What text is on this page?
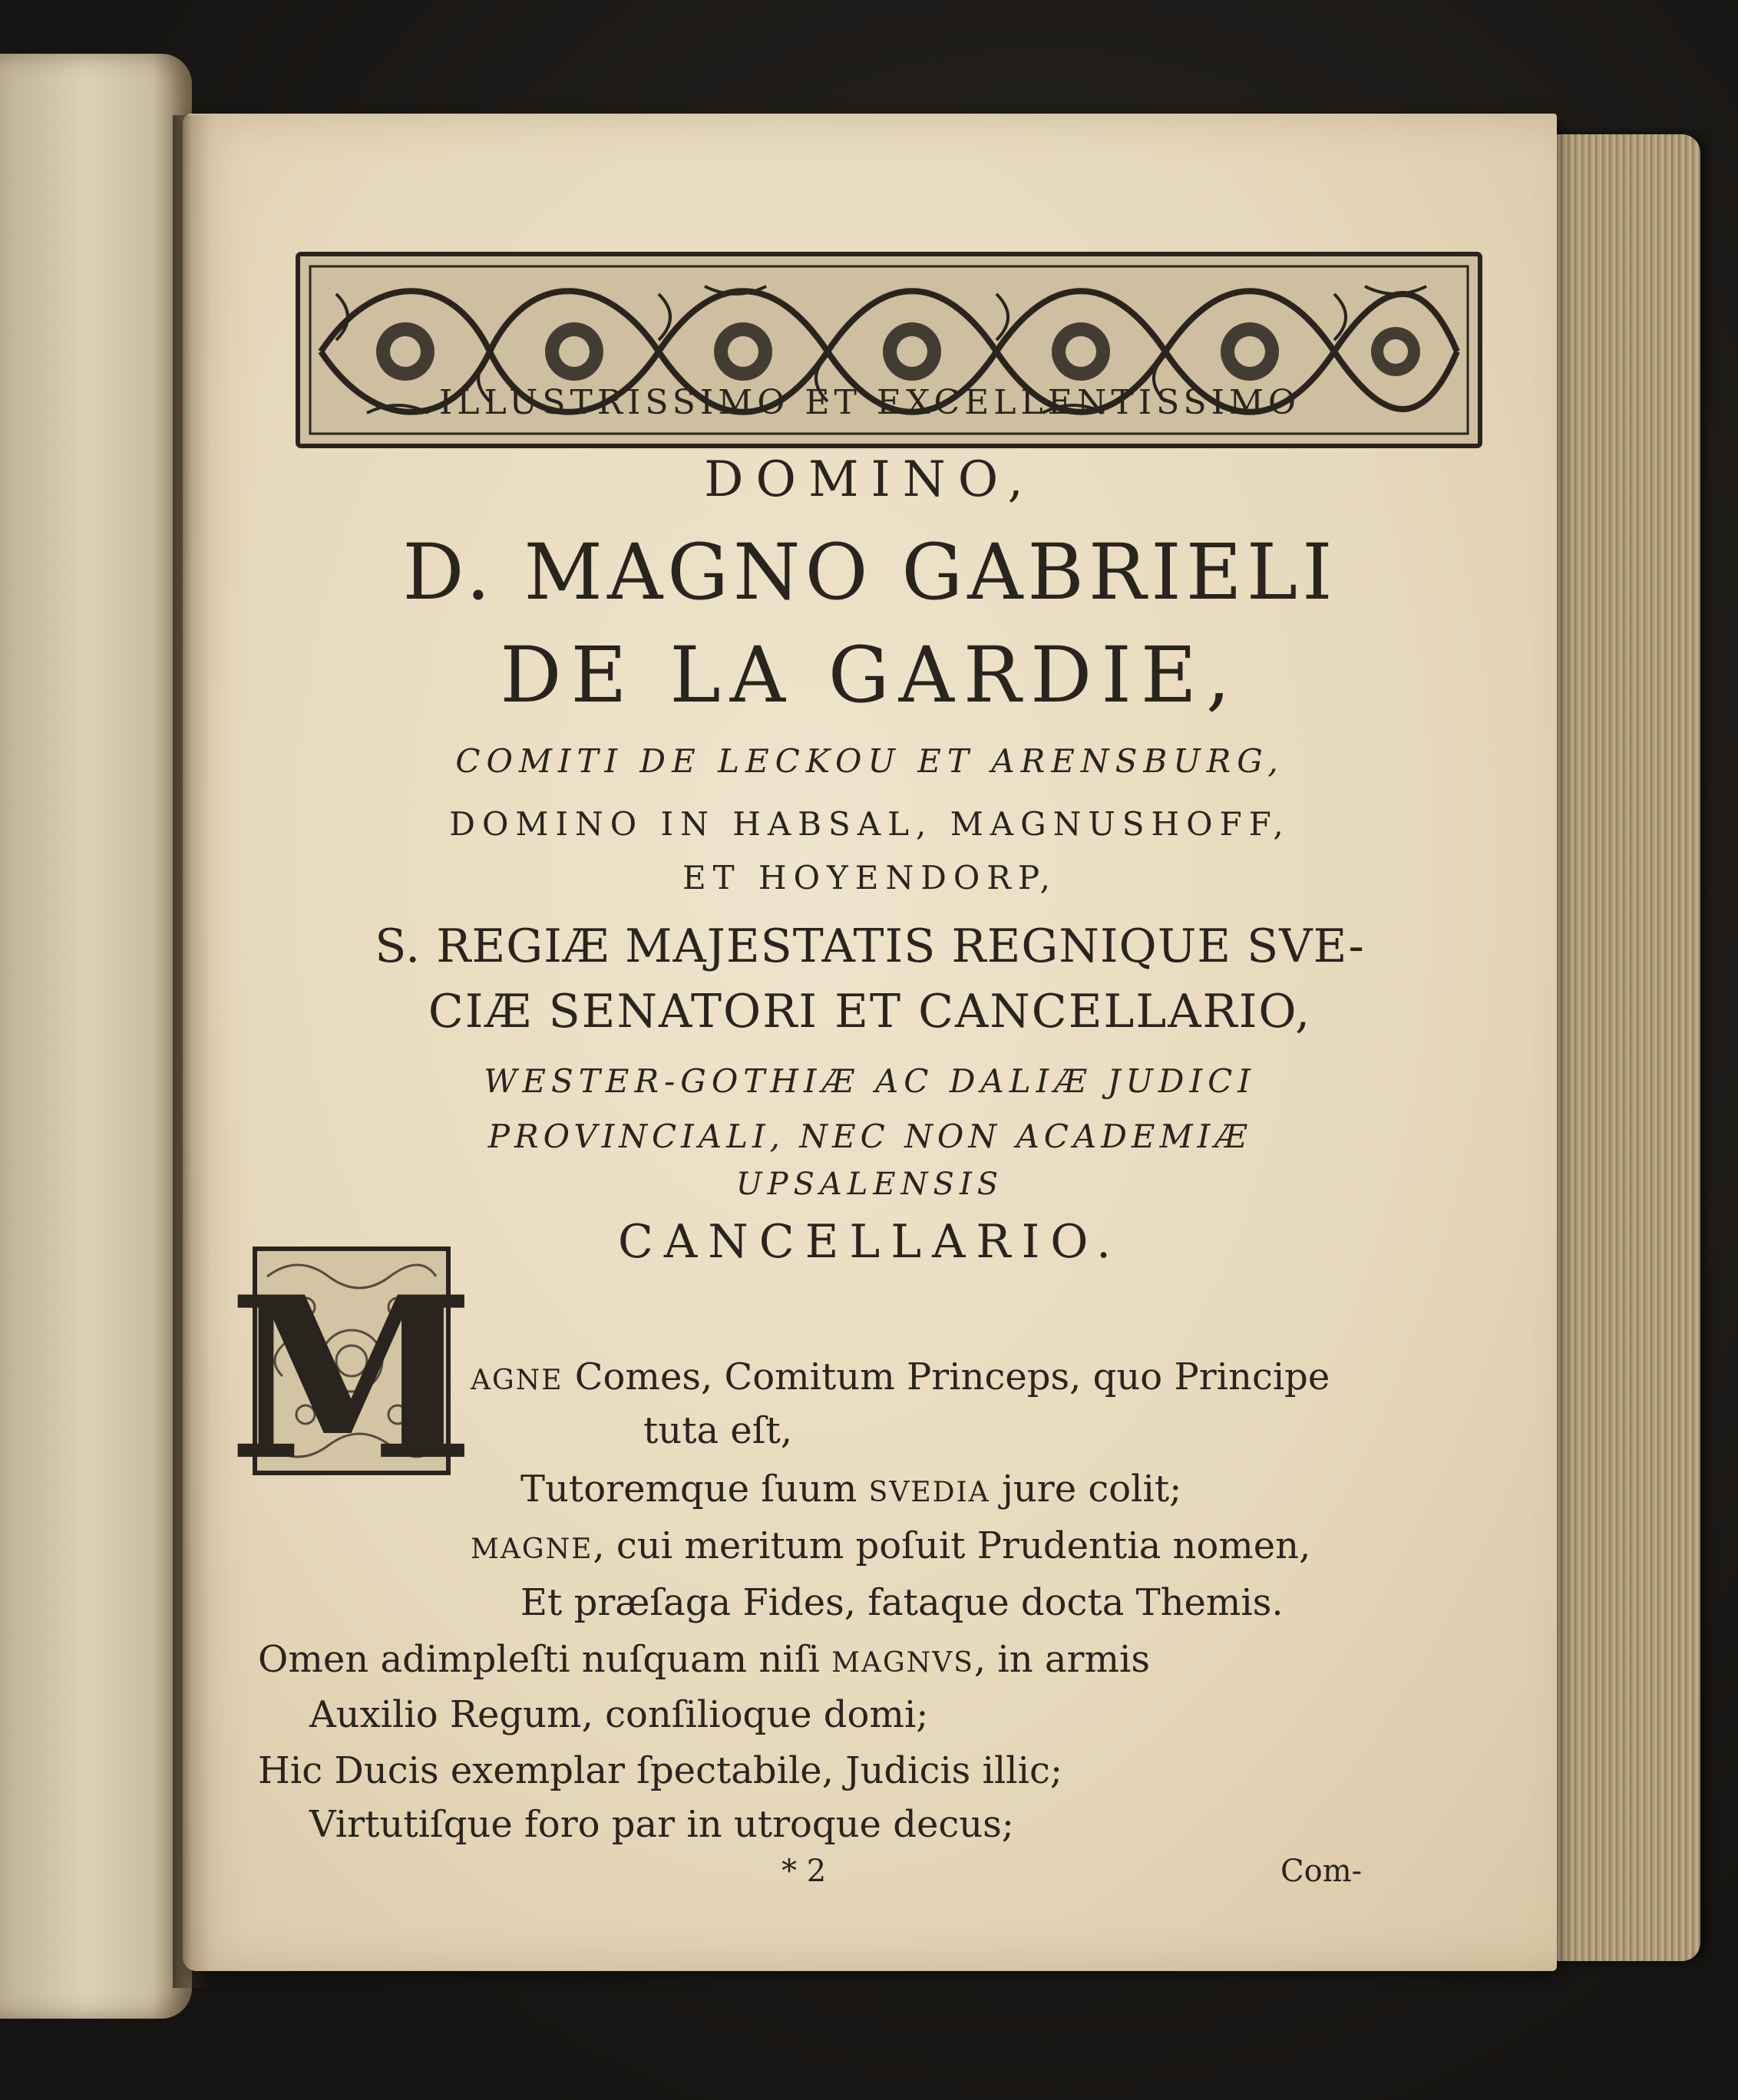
ILLUSTRISSIMO ET EXCELLENTISSIMO
DOMINO,
D. MAGNO GABRIELI
DE LA GARDIE,
COMITI DE LECKOU ET ARENSBURG,
DOMINO IN HABSAL, MAGNUSHOFF,
ET HOYENDORP,
S. REGIÆ MAJESTATIS REGNIQUE SVE-
CIÆ SENATORI ET CANCELLARIO,
WESTER-GOTHIÆ AC DALIÆ JUDICI
PROVINCIALI, NEC NON ACADEMIÆ
UPSALENSIS
CANCELLARIO.
M
AGNE Comes, Comitum Princeps, quo Principe
tuta eſt,
Tutoremque ſuum SVEDIA jure colit;
MAGNE, cui meritum poſuit Prudentia nomen,
Et præſaga Fides, fataque docta Themis.
Omen adimpleſti nuſquam niſi MAGNVS, in armis
Auxilio Regum, conſilioque domi;
Hic Ducis exemplar ſpectabile, Judicis illic;
Virtutiſque foro par in utroque decus;
* 2	Com-
